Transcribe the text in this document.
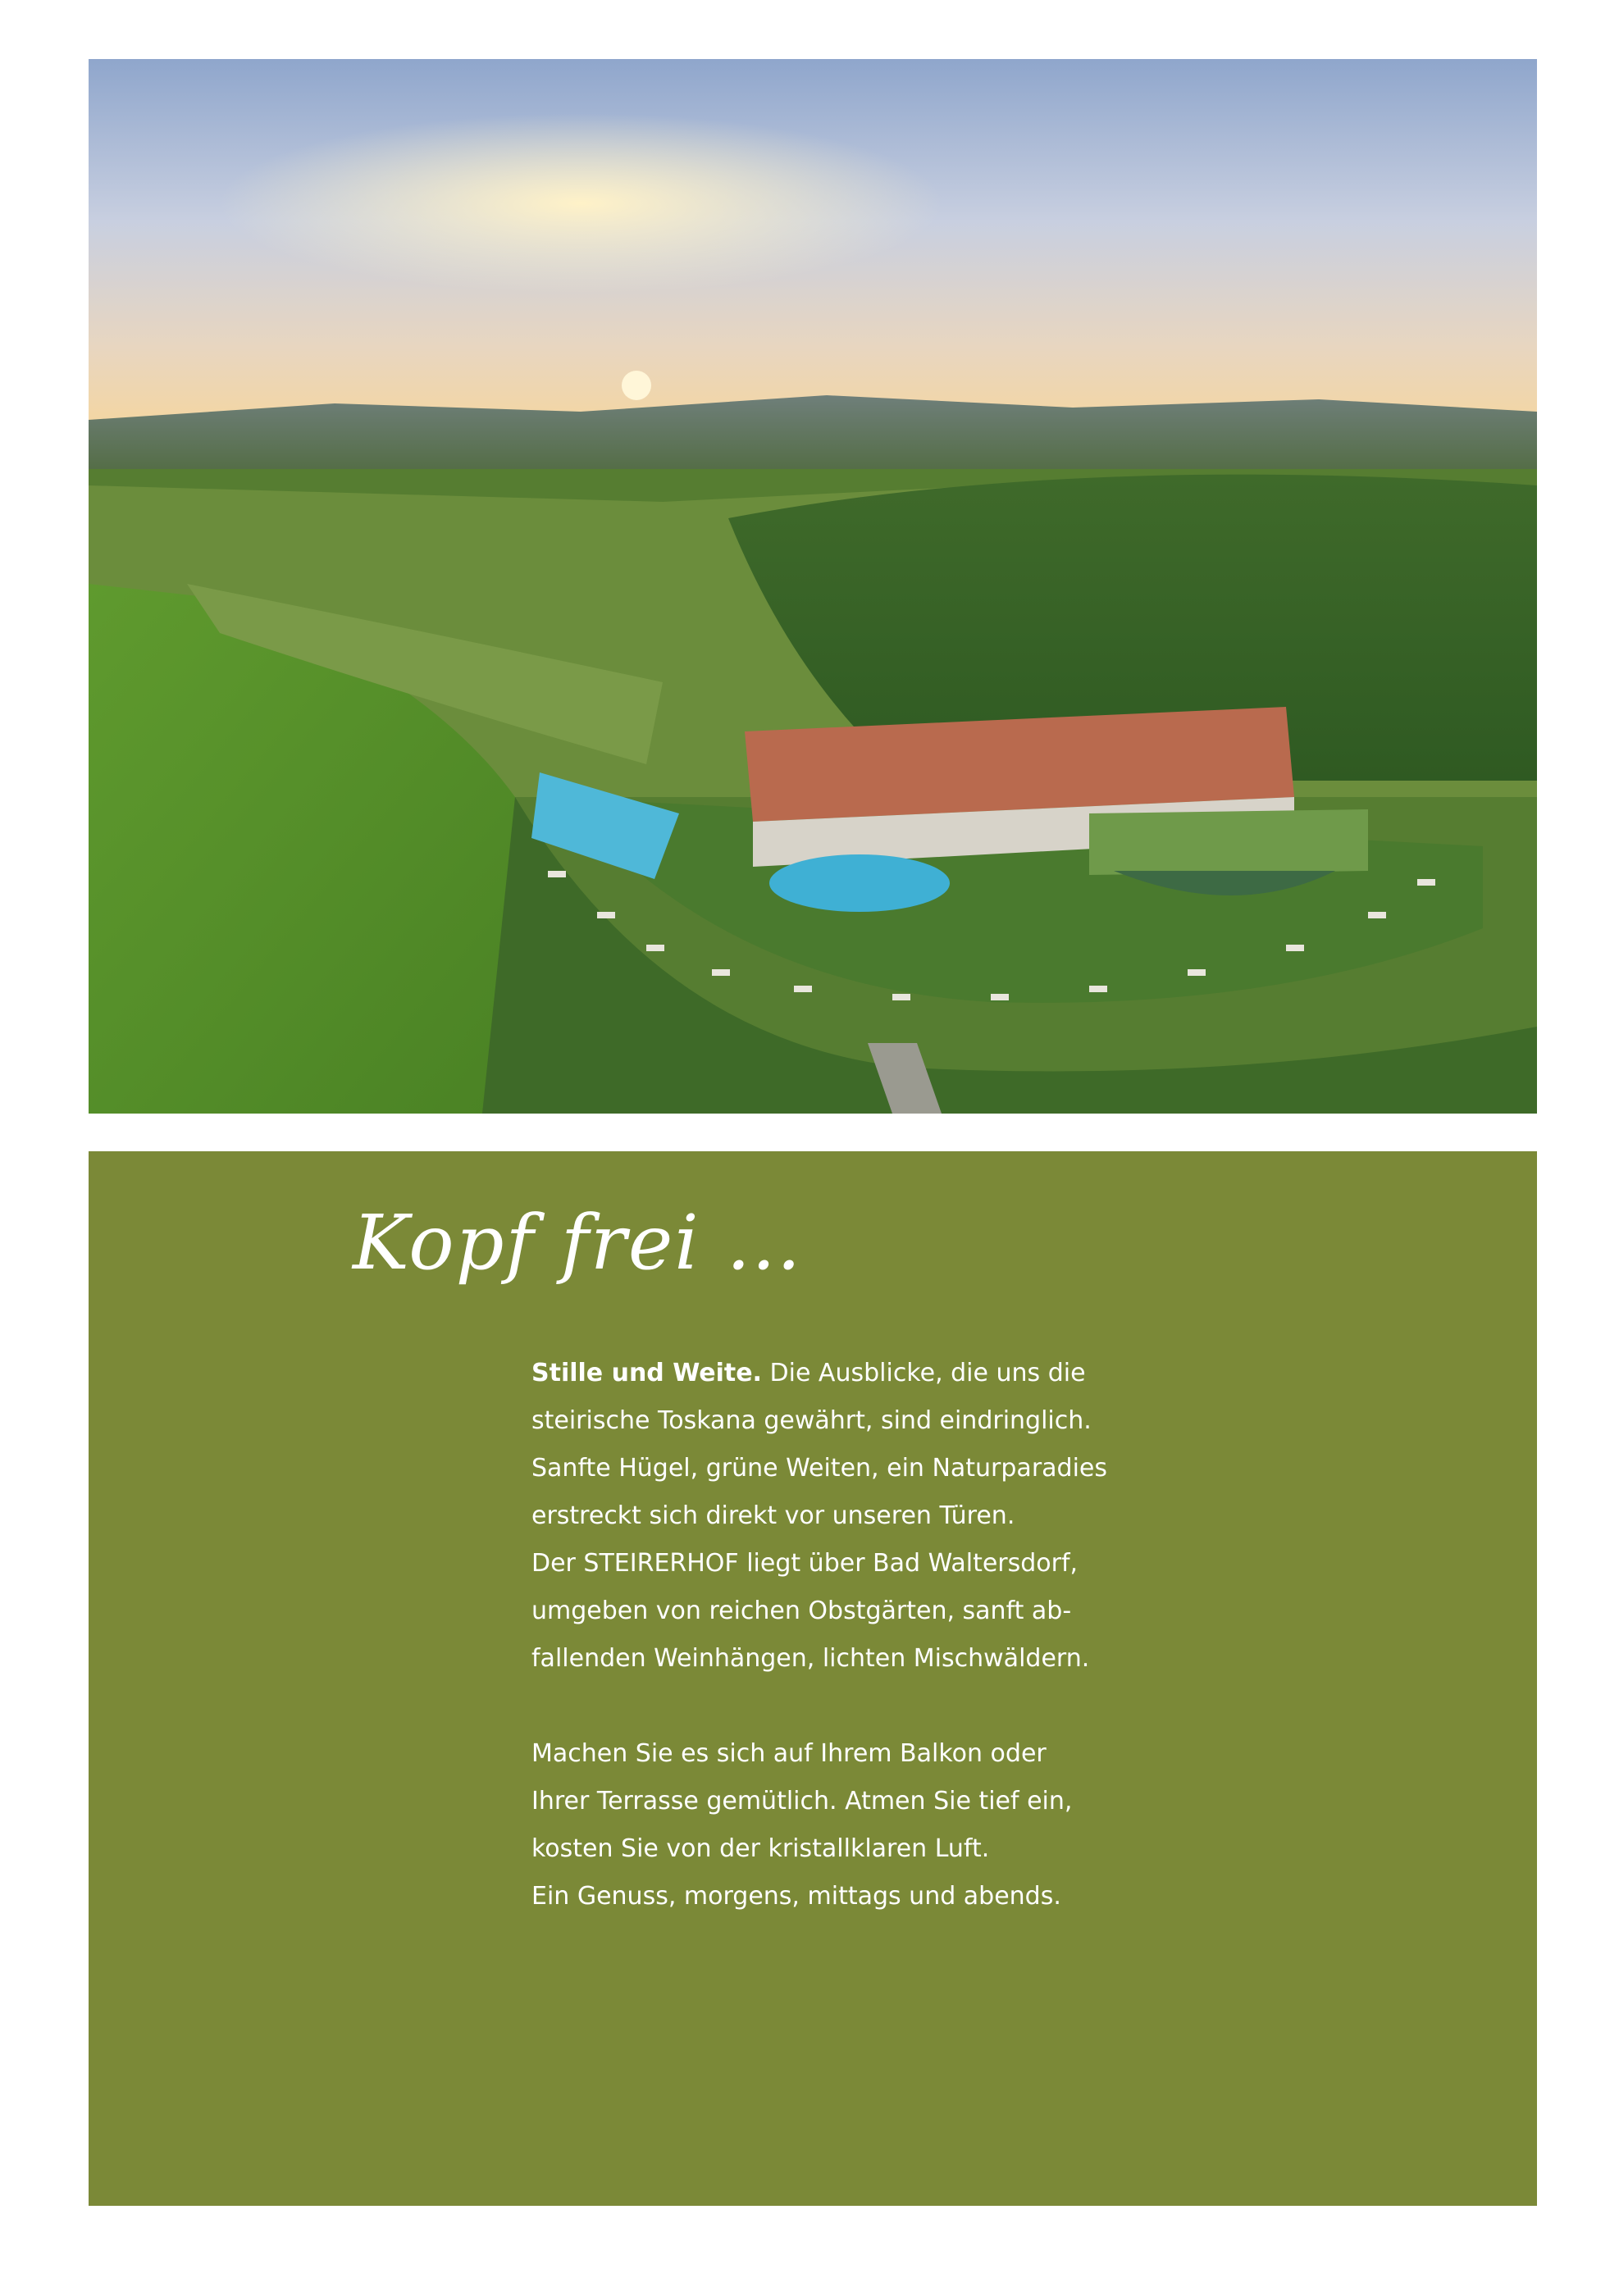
Kopf frei …

Stille und Weite. Die Ausblicke, die uns die
steirische Toskana gewährt, sind eindringlich.
Sanfte Hügel, grüne Weiten, ein Naturparadies
erstreckt sich direkt vor unseren Türen.
Der STEIRERHOF liegt über Bad Waltersdorf,
umgeben von reichen Obstgärten, sanft ab-
fallenden Weinhängen, lichten Mischwäldern.

Machen Sie es sich auf Ihrem Balkon oder
Ihrer Terrasse gemütlich. Atmen Sie tief ein,
kosten Sie von der kristallklaren Luft.
Ein Genuss, morgens, mittags und abends.
